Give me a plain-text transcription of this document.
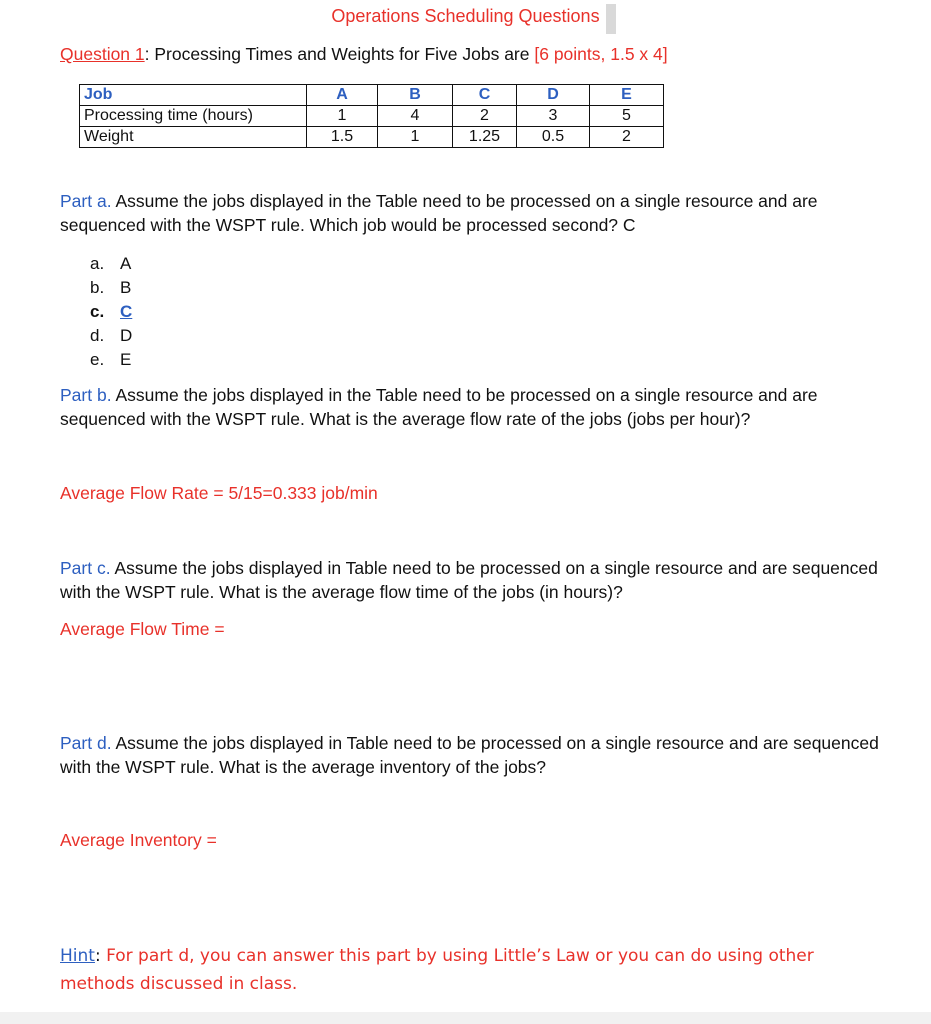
Operations Scheduling Questions
Question 1: Processing Times and Weights for Five Jobs are [6 points, 1.5 x 4]
Job	A	B	C	D	E
Processing time (hours)	1	4	2	3	5
Weight	1.5	1	1.25	0.5	2
Part a. Assume the jobs displayed in the Table need to be processed on a single resource and are sequenced with the WSPT rule. Which job would be processed second? C
a. A
b. B
c. C
d. D
e. E
Part b. Assume the jobs displayed in the Table need to be processed on a single resource and are sequenced with the WSPT rule. What is the average flow rate of the jobs (jobs per hour)?
Average Flow Rate = 5/15=0.333 job/min
Part c. Assume the jobs displayed in Table need to be processed on a single resource and are sequenced with the WSPT rule. What is the average flow time of the jobs (in hours)?
Average Flow Time =
Part d. Assume the jobs displayed in Table need to be processed on a single resource and are sequenced with the WSPT rule. What is the average inventory of the jobs?
Average Inventory =
Hint: For part d, you can answer this part by using Little’s Law or you can do using other methods discussed in class.
